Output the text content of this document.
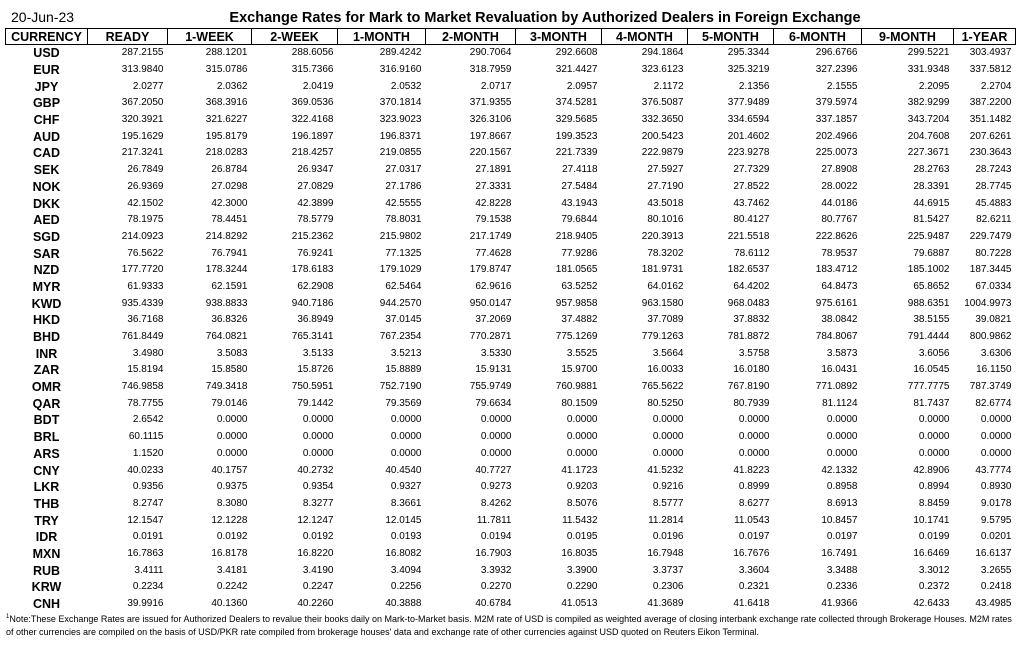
20-Jun-23	Exchange Rates for Mark to Market Revaluation by Authorized Dealers in Foreign Exchange
CURRENCY	READY	1-WEEK	2-WEEK	1-MONTH	2-MONTH	3-MONTH	4-MONTH	5-MONTH	6-MONTH	9-MONTH	1-YEAR
USD	287.2155	288.1201	288.6056	289.4242	290.7064	292.6608	294.1864	295.3344	296.6766	299.5221	303.4937
EUR	313.9840	315.0786	315.7366	316.9160	318.7959	321.4427	323.6123	325.3219	327.2396	331.9348	337.5812
JPY	2.0277	2.0362	2.0419	2.0532	2.0717	2.0957	2.1172	2.1356	2.1555	2.2095	2.2704
GBP	367.2050	368.3916	369.0536	370.1814	371.9355	374.5281	376.5087	377.9489	379.5974	382.9299	387.2200
CHF	320.3921	321.6227	322.4168	323.9023	326.3106	329.5685	332.3650	334.6594	337.1857	343.7204	351.1482
AUD	195.1629	195.8179	196.1897	196.8371	197.8667	199.3523	200.5423	201.4602	202.4966	204.7608	207.6261
CAD	217.3241	218.0283	218.4257	219.0855	220.1567	221.7339	222.9879	223.9278	225.0073	227.3671	230.3643
SEK	26.7849	26.8784	26.9347	27.0317	27.1891	27.4118	27.5927	27.7329	27.8908	28.2763	28.7243
NOK	26.9369	27.0298	27.0829	27.1786	27.3331	27.5484	27.7190	27.8522	28.0022	28.3391	28.7745
DKK	42.1502	42.3000	42.3899	42.5555	42.8228	43.1943	43.5018	43.7462	44.0186	44.6915	45.4883
AED	78.1975	78.4451	78.5779	78.8031	79.1538	79.6844	80.1016	80.4127	80.7767	81.5427	82.6211
SGD	214.0923	214.8292	215.2362	215.9802	217.1749	218.9405	220.3913	221.5518	222.8626	225.9487	229.7479
SAR	76.5622	76.7941	76.9241	77.1325	77.4628	77.9286	78.3202	78.6112	78.9537	79.6887	80.7228
NZD	177.7720	178.3244	178.6183	179.1029	179.8747	181.0565	181.9731	182.6537	183.4712	185.1002	187.3445
MYR	61.9333	62.1591	62.2908	62.5464	62.9616	63.5252	64.0162	64.4202	64.8473	65.8652	67.0334
KWD	935.4339	938.8833	940.7186	944.2570	950.0147	957.9858	963.1580	968.0483	975.6161	988.6351	1004.9973
HKD	36.7168	36.8326	36.8949	37.0145	37.2069	37.4882	37.7089	37.8832	38.0842	38.5155	39.0821
BHD	761.8449	764.0821	765.3141	767.2354	770.2871	775.1269	779.1263	781.8872	784.8067	791.4444	800.9862
INR	3.4980	3.5083	3.5133	3.5213	3.5330	3.5525	3.5664	3.5758	3.5873	3.6056	3.6306
ZAR	15.8194	15.8580	15.8726	15.8889	15.9131	15.9700	16.0033	16.0180	16.0431	16.0545	16.1150
OMR	746.9858	749.3418	750.5951	752.7190	755.9749	760.9881	765.5622	767.8190	771.0892	777.7775	787.3749
QAR	78.7755	79.0146	79.1442	79.3569	79.6634	80.1509	80.5250	80.7939	81.1124	81.7437	82.6774
BDT	2.6542	0.0000	0.0000	0.0000	0.0000	0.0000	0.0000	0.0000	0.0000	0.0000	0.0000
BRL	60.1115	0.0000	0.0000	0.0000	0.0000	0.0000	0.0000	0.0000	0.0000	0.0000	0.0000
ARS	1.1520	0.0000	0.0000	0.0000	0.0000	0.0000	0.0000	0.0000	0.0000	0.0000	0.0000
CNY	40.0233	40.1757	40.2732	40.4540	40.7727	41.1723	41.5232	41.8223	42.1332	42.8906	43.7774
LKR	0.9356	0.9375	0.9354	0.9327	0.9273	0.9203	0.9216	0.8999	0.8958	0.8994	0.8930
THB	8.2747	8.3080	8.3277	8.3661	8.4262	8.5076	8.5777	8.6277	8.6913	8.8459	9.0178
TRY	12.1547	12.1228	12.1247	12.0145	11.7811	11.5432	11.2814	11.0543	10.8457	10.1741	9.5795
IDR	0.0191	0.0192	0.0192	0.0193	0.0194	0.0195	0.0196	0.0197	0.0197	0.0199	0.0201
MXN	16.7863	16.8178	16.8220	16.8082	16.7903	16.8035	16.7948	16.7676	16.7491	16.6469	16.6137
RUB	3.4111	3.4181	3.4190	3.4094	3.3932	3.3900	3.3737	3.3604	3.3488	3.3012	3.2655
KRW	0.2234	0.2242	0.2247	0.2256	0.2270	0.2290	0.2306	0.2321	0.2336	0.2372	0.2418
CNH	39.9916	40.1360	40.2260	40.3888	40.6784	41.0513	41.3689	41.6418	41.9366	42.6433	43.4985
$^1$Note:These Exchange Rates are issued for Authorized Dealers to revalue their books daily on Mark-to-Market basis. M2M rate of USD is compiled as weighted average of closing interbank exchange rate collected through Brokerage Houses. M2M rates of other currencies are compiled on the basis of USD/PKR rate compiled from brokerage houses' data and exchange rate of other currencies against USD quoted on Reuters Eikon Terminal.
